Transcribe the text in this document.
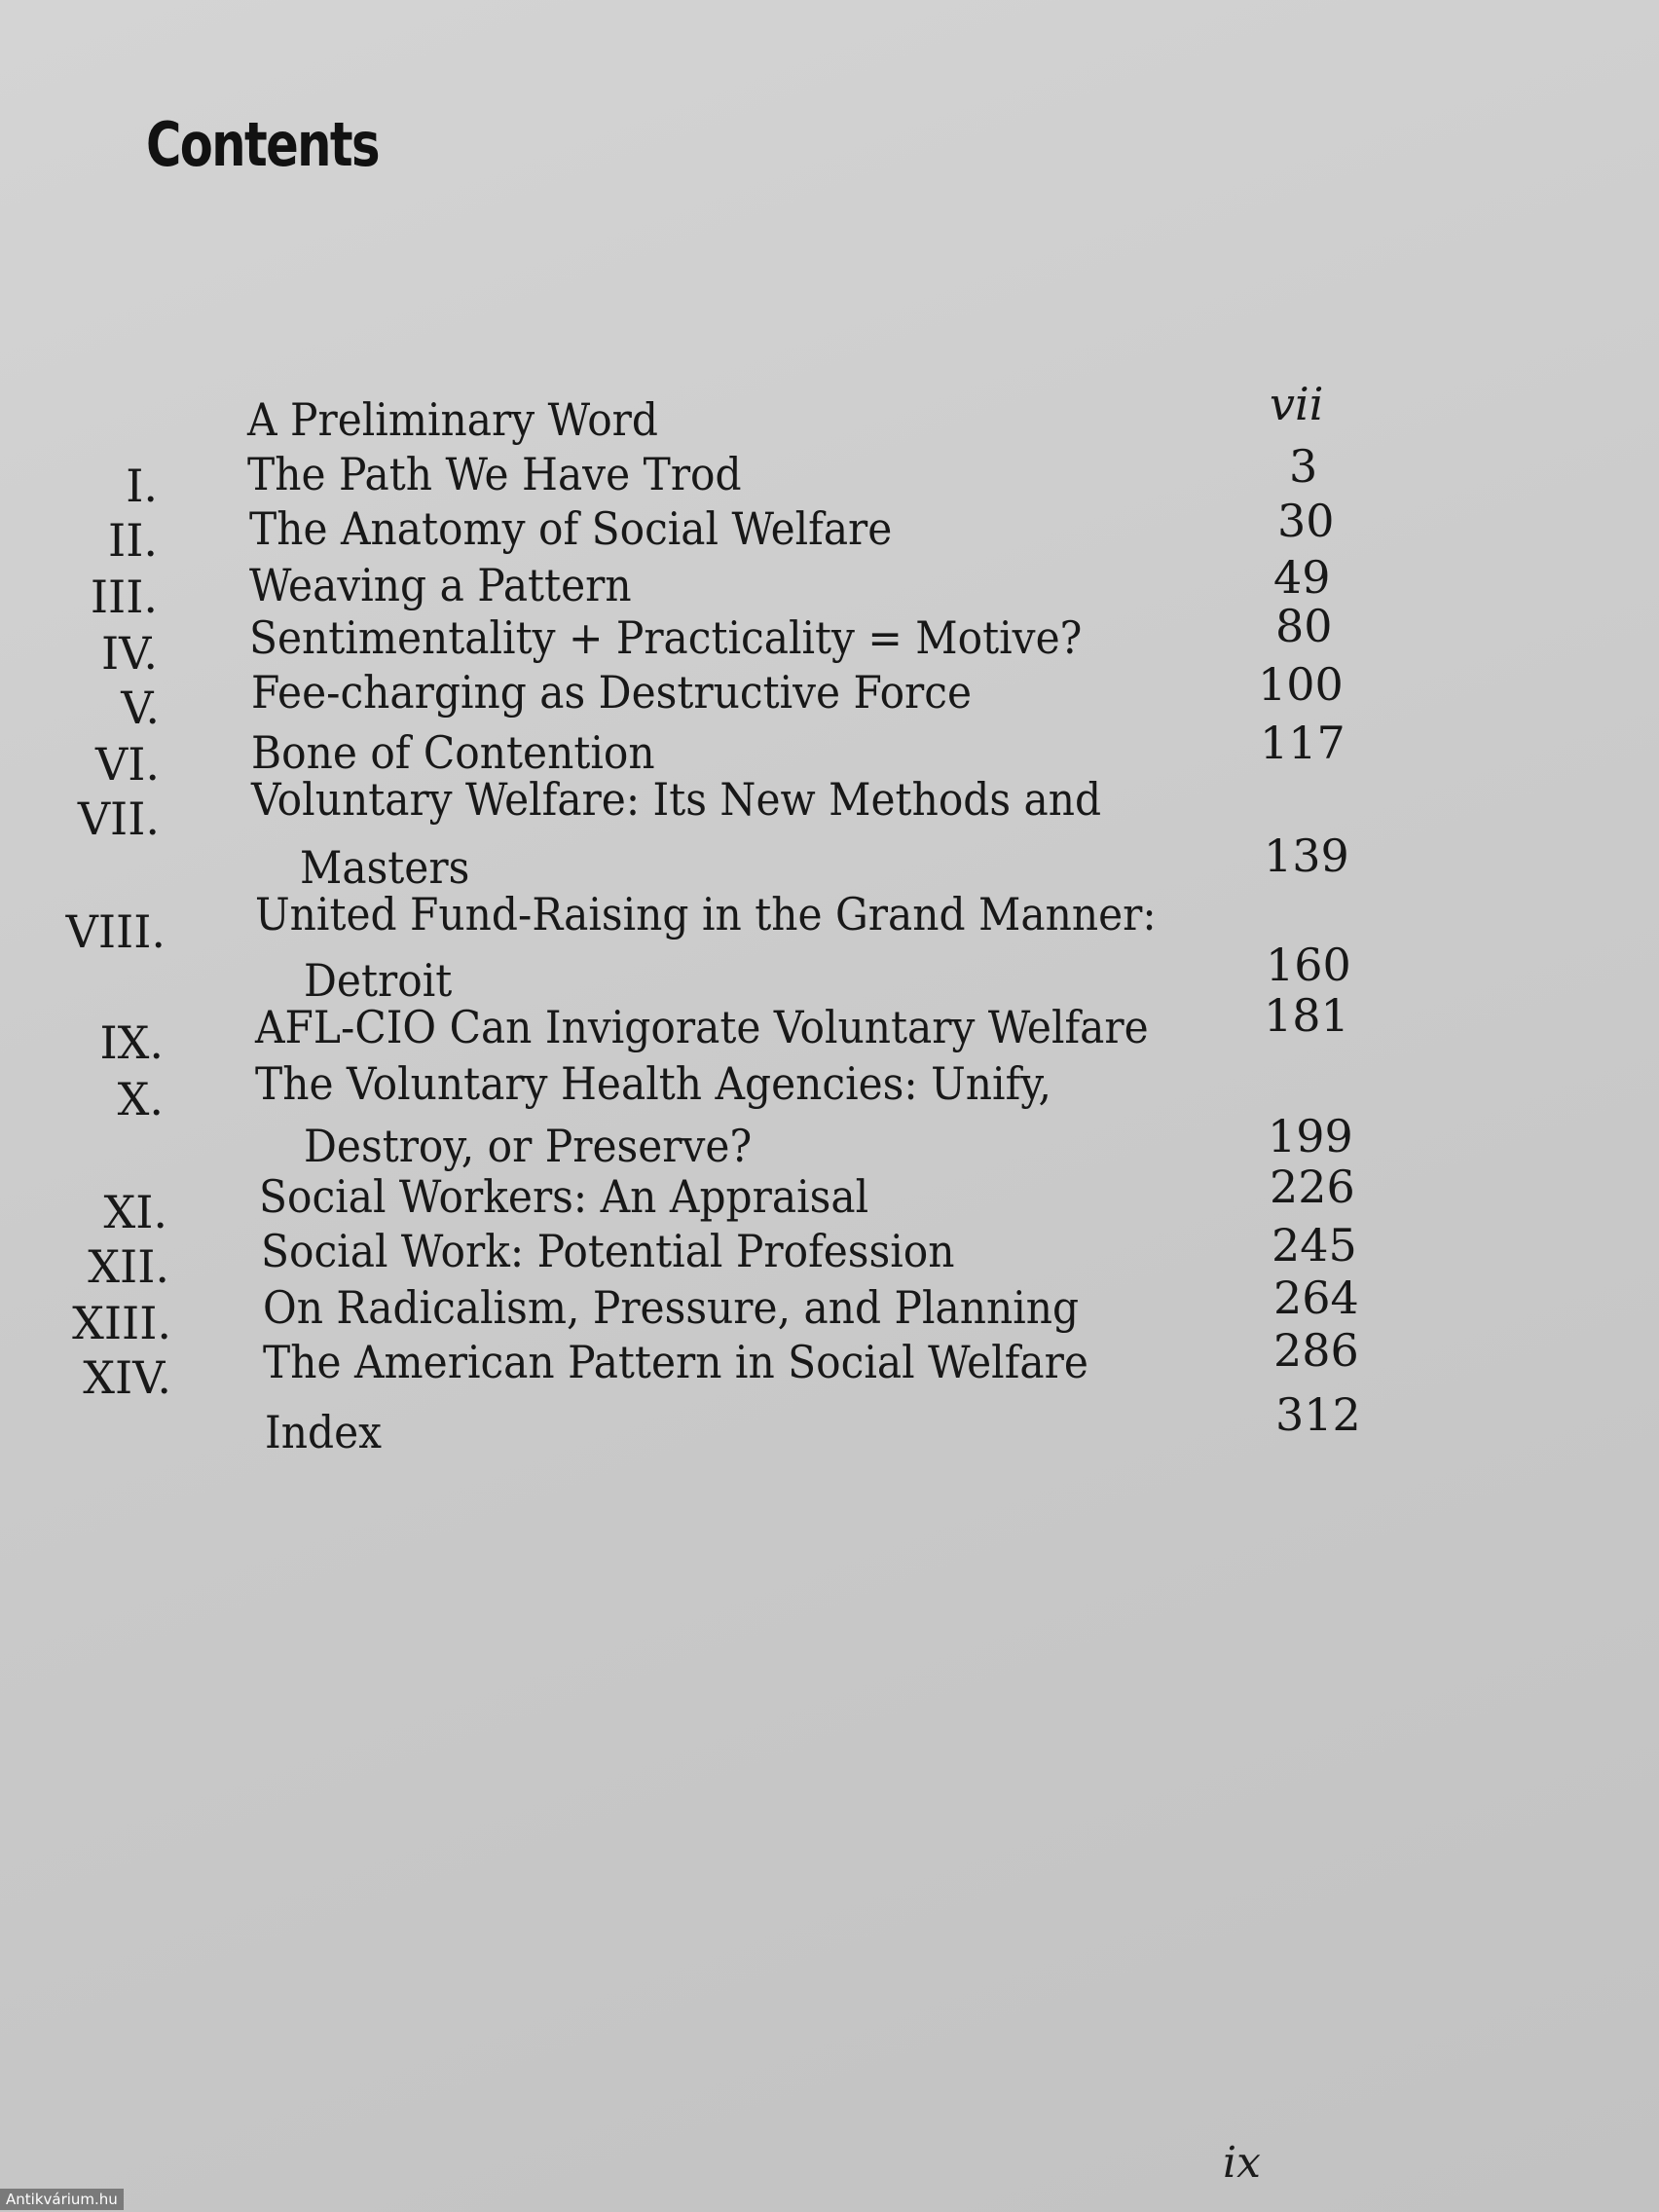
Contents
A Preliminary Word	vii
I. The Path We Have Trod	3
II. The Anatomy of Social Welfare	30
III. Weaving a Pattern	49
IV. Sentimentality + Practicality = Motive?	80
V. Fee-charging as Destructive Force	100
VI. Bone of Contention	117
VII. Voluntary Welfare: Its New Methods and
Masters	139
VIII. United Fund-Raising in the Grand Manner:
Detroit	160
IX. AFL-CIO Can Invigorate Voluntary Welfare	181
X. The Voluntary Health Agencies: Unify,
Destroy, or Preserve?	199
XI. Social Workers: An Appraisal	226
XII. Social Work: Potential Profession	245
XIII. On Radicalism, Pressure, and Planning	264
XIV. The American Pattern in Social Welfare	286
Index	312
ix
Antikvárium.hu
